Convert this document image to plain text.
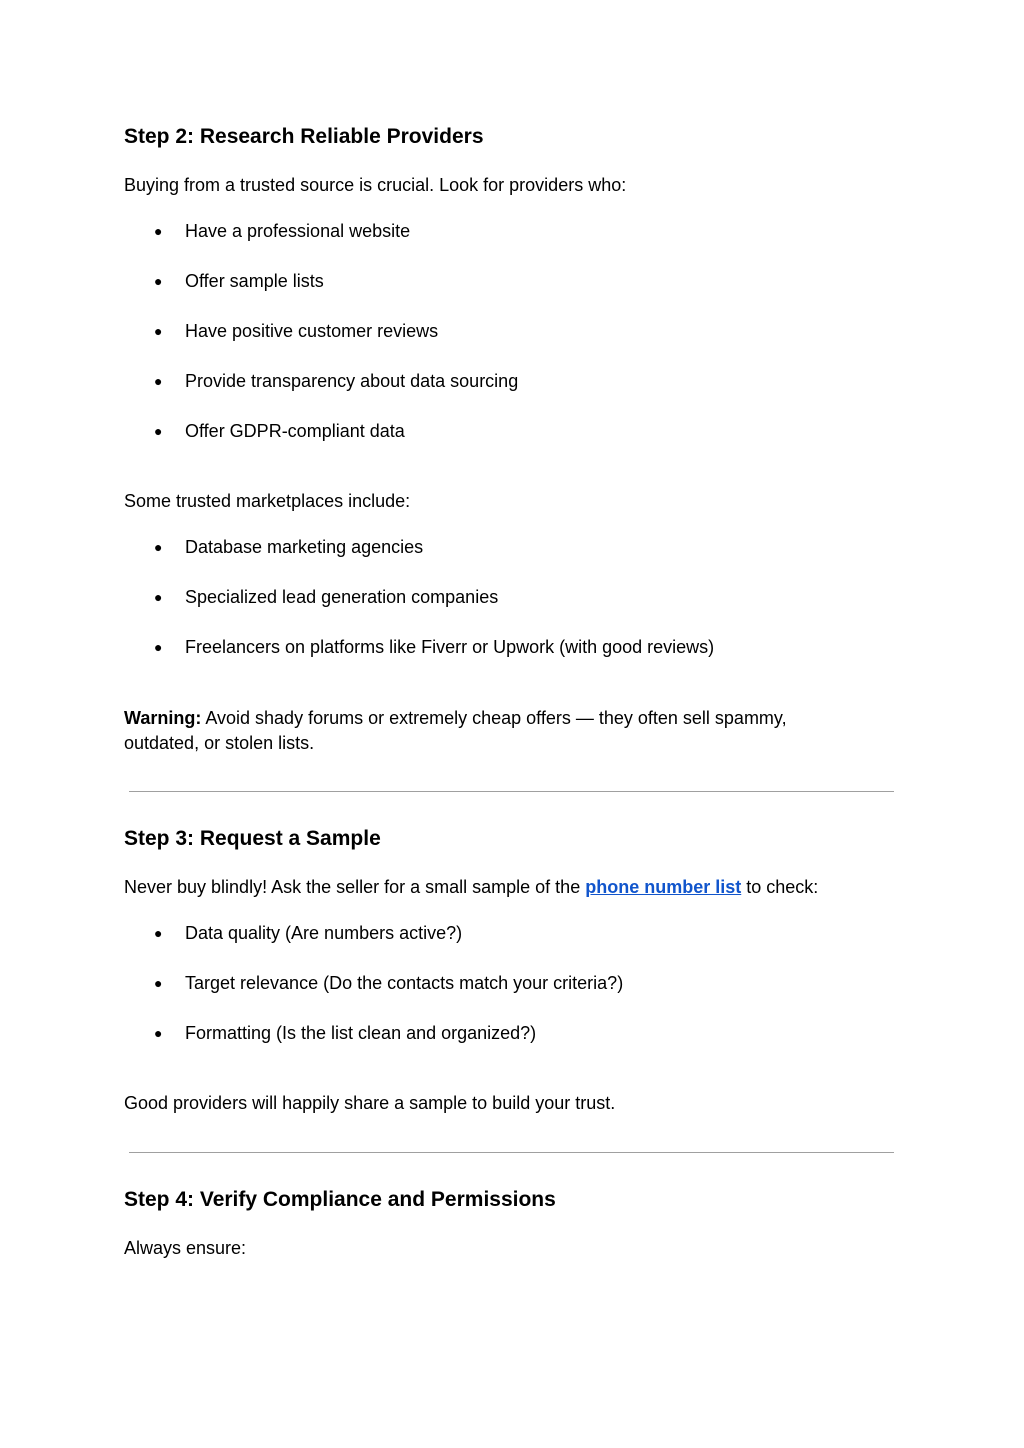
Step 2: Research Reliable Providers

Buying from a trusted source is crucial. Look for providers who:

● Have a professional website
● Offer sample lists
● Have positive customer reviews
● Provide transparency about data sourcing
● Offer GDPR-compliant data

Some trusted marketplaces include:

● Database marketing agencies
● Specialized lead generation companies
● Freelancers on platforms like Fiverr or Upwork (with good reviews)

Warning: Avoid shady forums or extremely cheap offers — they often sell spammy, outdated, or stolen lists.

Step 3: Request a Sample

Never buy blindly! Ask the seller for a small sample of the phone number list to check:

● Data quality (Are numbers active?)
● Target relevance (Do the contacts match your criteria?)
● Formatting (Is the list clean and organized?)

Good providers will happily share a sample to build your trust.

Step 4: Verify Compliance and Permissions

Always ensure:
